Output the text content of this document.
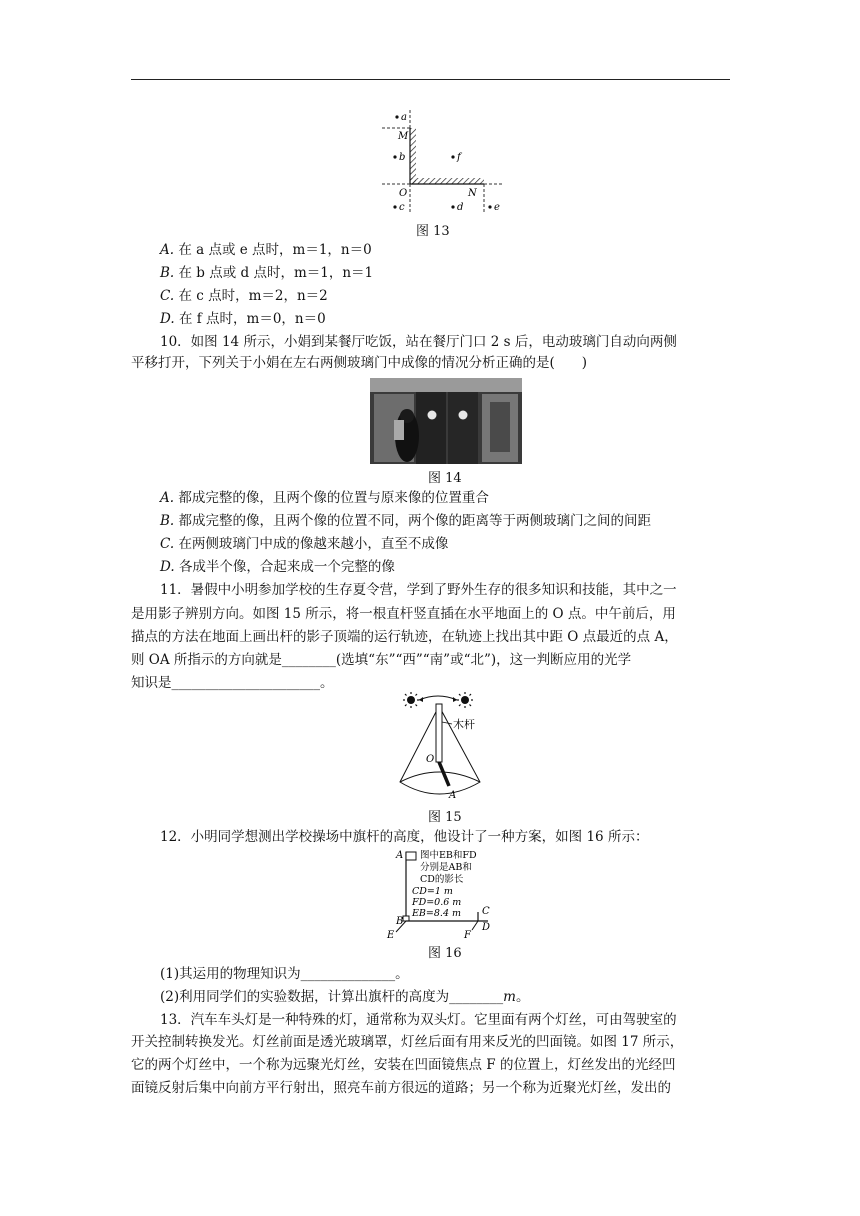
a
M
b	f
O	N
c	d	e
图 13
A. 在 a 点或 e 点时，m＝1，n＝0
B. 在 b 点或 d 点时，m＝1，n＝1
C. 在 c 点时，m＝2，n＝2
D. 在 f 点时，m＝0，n＝0
10．如图 14 所示，小娟到某餐厅吃饭，站在餐厅门口 2 s 后，电动玻璃门自动向两侧
平移打开，下列关于小娟在左右两侧玻璃门中成像的情况分析正确的是(　　)
图 14
A. 都成完整的像，且两个像的位置与原来像的位置重合
B. 都成完整的像，且两个像的位置不同，两个像的距离等于两侧玻璃门之间的间距
C. 在两侧玻璃门中成的像越来越小，直至不成像
D. 各成半个像，合起来成一个完整的像
11．暑假中小明参加学校的生存夏令营，学到了野外生存的很多知识和技能，其中之一
是用影子辨别方向。如图 15 所示，将一根直杆竖直插在水平地面上的 O 点。中午前后，用
描点的方法在地面上画出杆的影子顶端的运行轨迹，在轨迹上找出其中距 O 点最近的点 A，
则 OA 所指示的方向就是________(选填“东”“西”“南”或“北”)，这一判断应用的光学
知识是______________________。
木杆
O
A
图 15
12．小明同学想测出学校操场中旗杆的高度，他设计了一种方案，如图 16 所示：
A
B
E
C
D
F
图中EB和FD
分别是AB和
CD的影长
CD=1 m
FD=0.6 m
EB=8.4 m
图 16
(1)其运用的物理知识为______________。
(2)利用同学们的实验数据，计算出旗杆的高度为________m。
13．汽车车头灯是一种特殊的灯，通常称为双头灯。它里面有两个灯丝，可由驾驶室的
开关控制转换发光。灯丝前面是透光玻璃罩，灯丝后面有用来反光的凹面镜。如图 17 所示，
它的两个灯丝中，一个称为远聚光灯丝，安装在凹面镜焦点 F 的位置上，灯丝发出的光经凹
面镜反射后集中向前方平行射出，照亮车前方很远的道路；另一个称为近聚光灯丝，发出的
